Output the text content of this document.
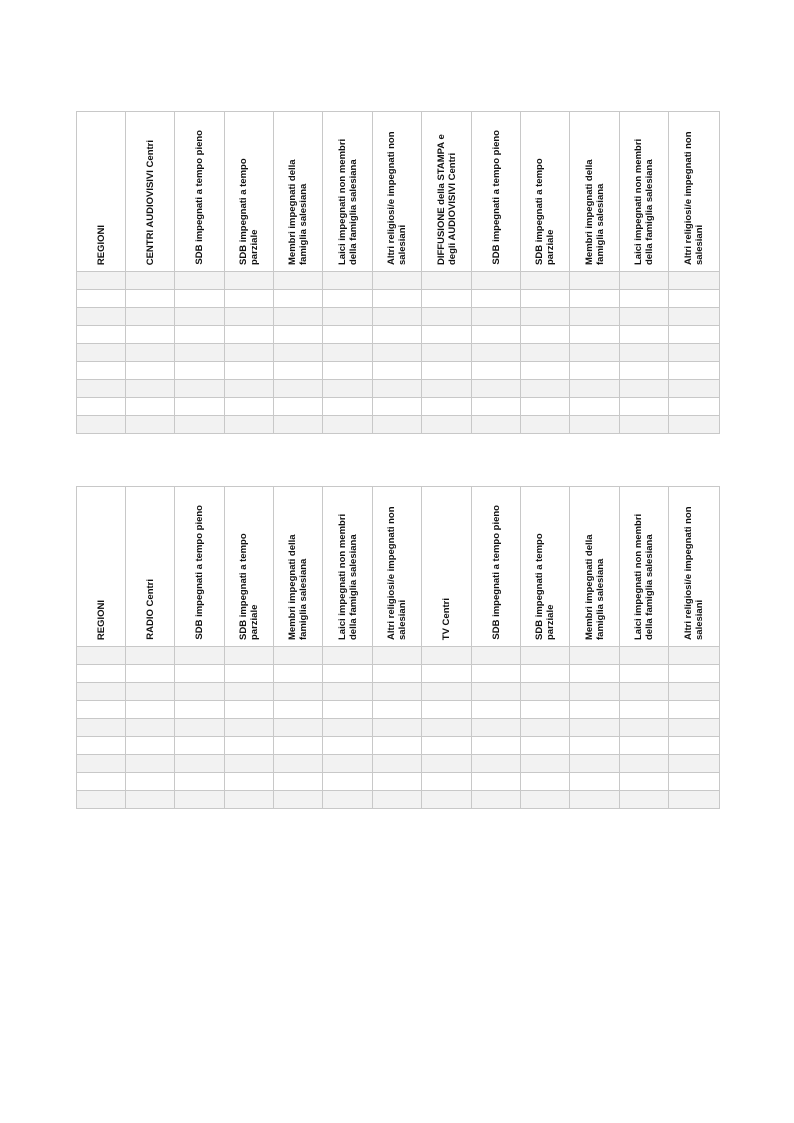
REGIONI	CENTRI AUDIOVISIVI Centri	SDB impegnati a tempo pieno	SDB impegnati a tempo parziale	Membri impegnati della famiglia salesiana	Laici impegnati non membri della famiglia salesiana	Altri religiosi/e impegnati non salesiani	DIFFUSIONE della STAMPA e degli AUDIOVISIVI Centri	SDB impegnati a tempo pieno	SDB impegnati a tempo parziale	Membri impegnati della famiglia salesiana	Laici impegnati non membri della famiglia salesiana	Altri religiosi/e impegnati non salesiani

REGIONI	RADIO Centri	SDB impegnati a tempo pieno	SDB impegnati a tempo parziale	Membri impegnati della famiglia salesiana	Laici impegnati non membri della famiglia salesiana	Altri religiosi/e impegnati non salesiani	TV Centri	SDB impegnati a tempo pieno	SDB impegnati a tempo parziale	Membri impegnati della famiglia salesiana	Laici impegnati non membri della famiglia salesiana	Altri religiosi/e impegnati non salesiani
